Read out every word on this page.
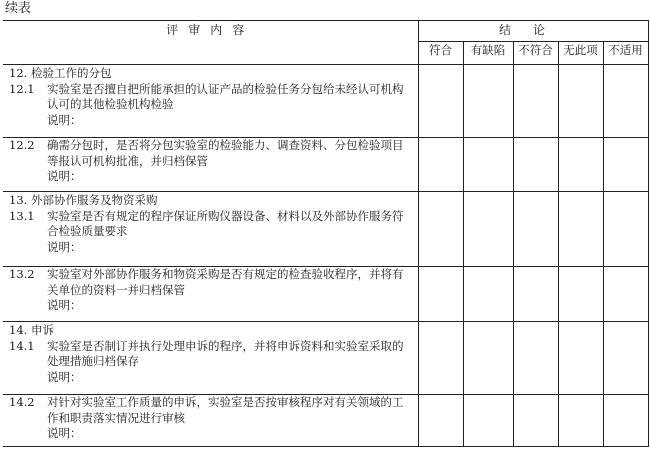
续表
评审内容	结论				
	符合	有缺陷	不符合	无此项	不适用

12. 检验工作的分包
12.1 实验室是否擅自把所能承担的认证产品的检验任务分包给未经认可机构认可的其他检验机构检验
说明：					

12.2 确需分包时，是否将分包实验室的检验能力、调查资料、分包检验项目等报认可机构批准，并归档保管
说明：					

13. 外部协作服务及物资采购
13.1 实验室是否有规定的程序保证所购仪器设备、材料以及外部协作服务符合检验质量要求
说明：					

13.2 实验室对外部协作服务和物资采购是否有规定的检查验收程序，并将有关单位的资料一并归档保管
说明：					

14. 申诉
14.1 实验室是否制订并执行处理申诉的程序，并将申诉资料和实验室采取的处理措施归档保存
说明：					

14.2 对针对实验室工作质量的申诉，实验室是否按审核程序对有关领域的工作和职责落实情况进行审核
说明：					
